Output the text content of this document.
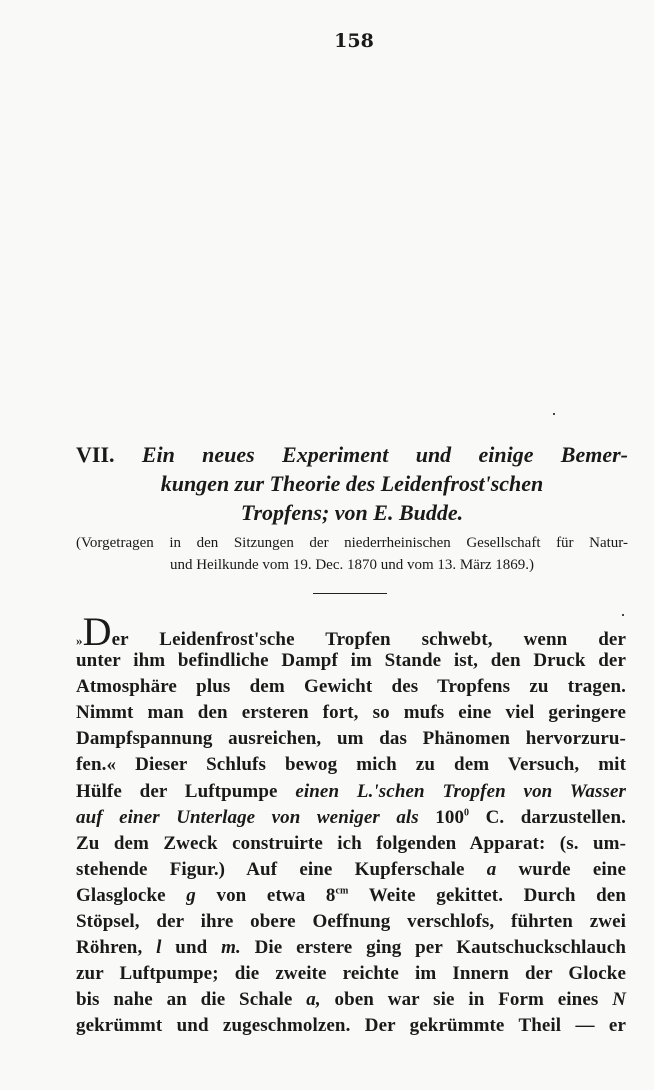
158
VII. Ein neues Experiment und einige Bemer-
kungen zur Theorie des Leidenfrost'schen
Tropfens; von E. Budde.
(Vorgetragen in den Sitzungen der niederrheinischen Gesellschaft für Natur-
und Heilkunde vom 19. Dec. 1870 und vom 13. März 1869.)
»Der Leidenfrost'sche Tropfen schwebt, wenn der
unter ihm befindliche Dampf im Stande ist, den Druck der
Atmosphäre plus dem Gewicht des Tropfens zu tragen.
Nimmt man den ersteren fort, so mufs eine viel geringere
Dampfspannung ausreichen, um das Phänomen hervorzuru-
fen.« Dieser Schlufs bewog mich zu dem Versuch, mit
Hülfe der Luftpumpe einen L.'schen Tropfen von Wasser
auf einer Unterlage von weniger als $100^0$ C. darzustellen.
Zu dem Zweck construirte ich folgenden Apparat: (s. um-
stehende Figur.) Auf eine Kupferschale a wurde eine
Glasglocke g von etwa $8^{cm}$ Weite gekittet. Durch den
Stöpsel, der ihre obere Oeffnung verschlofs, führten zwei
Röhren, l und m. Die erstere ging per Kautschuckschlauch
zur Luftpumpe; die zweite reichte im Innern der Glocke
bis nahe an die Schale a, oben war sie in Form eines N
gekrümmt und zugeschmolzen. Der gekrümmte Theil — er
